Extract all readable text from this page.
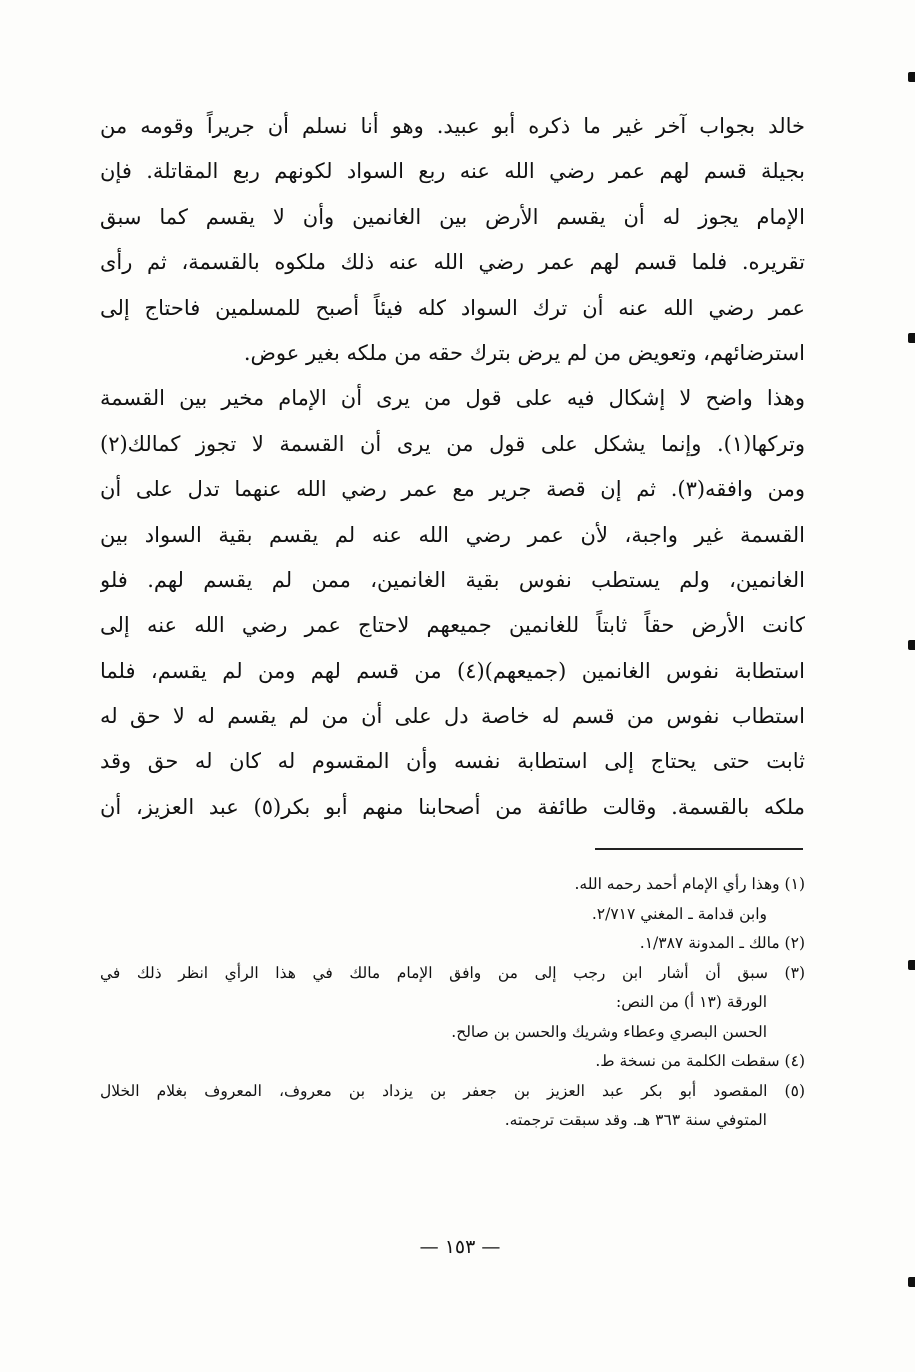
خالد بجواب آخر غير ما ذكره أبو عبيد. وهو أنا نسلم أن جريراً وقومه من
بجيلة قسم لهم عمر رضي الله عنه ربع السواد لكونهم ربع المقاتلة. فإن
الإمام يجوز له أن يقسم الأرض بين الغانمين وأن لا يقسم كما سبق
تقريره. فلما قسم لهم عمر رضي الله عنه ذلك ملكوه بالقسمة، ثم رأى
عمر رضي الله عنه أن ترك السواد كله فيئاً أصبح للمسلمين فاحتاج إلى
استرضائهم، وتعويض من لم يرض بترك حقه من ملكه بغير عوض.
وهذا واضح لا إشكال فيه على قول من يرى أن الإمام مخير بين القسمة
وتركها(١). وإنما يشكل على قول من يرى أن القسمة لا تجوز كمالك(٢)
ومن وافقه(٣). ثم إن قصة جرير مع عمر رضي الله عنهما تدل على أن
القسمة غير واجبة، لأن عمر رضي الله عنه لم يقسم بقية السواد بين
الغانمين، ولم يستطب نفوس بقية الغانمين، ممن لم يقسم لهم. فلو
كانت الأرض حقاً ثابتاً للغانمين جميعهم لاحتاج عمر رضي الله عنه إلى
استطابة نفوس الغانمين (جميعهم)(٤) من قسم لهم ومن لم يقسم، فلما
استطاب نفوس من قسم له خاصة دل على أن من لم يقسم له لا حق له
ثابت حتى يحتاج إلى استطابة نفسه وأن المقسوم له كان له حق وقد
ملكه بالقسمة. وقالت طائفة من أصحابنا منهم أبو بكر(٥) عبد العزيز، أن
(١) وهذا رأي الإمام أحمد رحمه الله.
وابن قدامة ـ المغني ٢/٧١٧.
(٢) مالك ـ المدونة ١/٣٨٧.
(٣) سبق أن أشار ابن رجب إلى من وافق الإمام مالك في هذا الرأي انظر ذلك في
الورقة (١٣ أ) من النص:
الحسن البصري وعطاء وشريك والحسن بن صالح.
(٤) سقطت الكلمة من نسخة ط.
(٥) المقصود أبو بكر عبد العزيز بن جعفر بن يزداد بن معروف، المعروف بغلام الخلال
المتوفي سنة ٣٦٣ هـ. وقد سبقت ترجمته.
— ١٥٣ —
